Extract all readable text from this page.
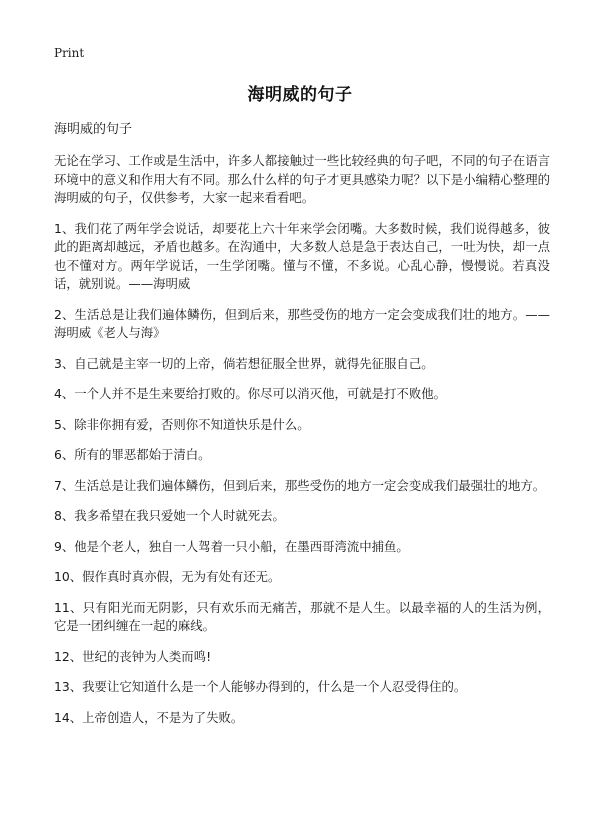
Print
海明威的句子
海明威的句子

无论在学习、工作或是生活中，许多人都接触过一些比较经典的句子吧，不同的句子在语言环境中的意义和作用大有不同。那么什么样的句子才更具感染力呢？以下是小编精心整理的海明威的句子，仅供参考，大家一起来看看吧。

1、我们花了两年学会说话，却要花上六十年来学会闭嘴。大多数时候，我们说得越多，彼此的距离却越远，矛盾也越多。在沟通中，大多数人总是急于表达自己，一吐为快，却一点也不懂对方。两年学说话，一生学闭嘴。懂与不懂，不多说。心乱心静，慢慢说。若真没话，就别说。——海明威

2、生活总是让我们遍体鳞伤，但到后来，那些受伤的地方一定会变成我们壮的地方。——海明威《老人与海》

3、自己就是主宰一切的上帝，倘若想征服全世界，就得先征服自己。

4、一个人并不是生来要给打败的。你尽可以消灭他，可就是打不败他。

5、除非你拥有爱，否则你不知道快乐是什么。

6、所有的罪恶都始于清白。

7、生活总是让我们遍体鳞伤，但到后来，那些受伤的地方一定会变成我们最强壮的地方。

8、我多希望在我只爱她一个人时就死去。

9、他是个老人，独自一人驾着一只小船，在墨西哥湾流中捕鱼。

10、假作真时真亦假，无为有处有还无。

11、只有阳光而无阴影，只有欢乐而无痛苦，那就不是人生。以最幸福的人的生活为例，它是一团纠缠在一起的麻线。

12、世纪的丧钟为人类而鸣!

13、我要让它知道什么是一个人能够办得到的，什么是一个人忍受得住的。

14、上帝创造人，不是为了失败。
